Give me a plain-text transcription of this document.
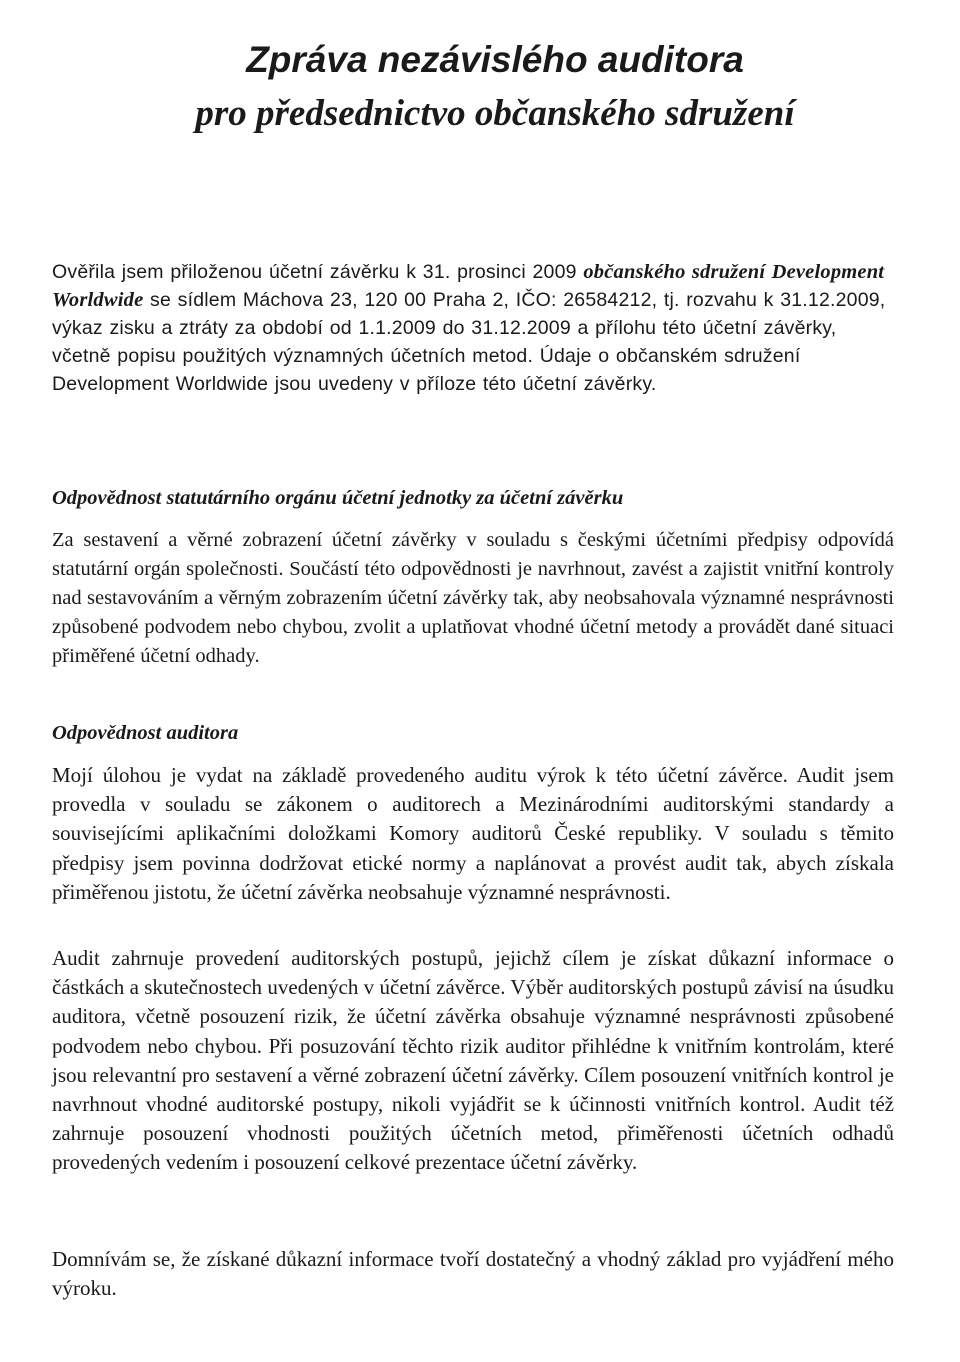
Zpráva nezávislého auditora
pro předsednictvo občanského sdružení

Ověřila jsem přiloženou účetní závěrku k 31. prosinci 2009 občanského sdružení Development Worldwide se sídlem Máchova 23, 120 00 Praha 2, IČO: 26584212, tj. rozvahu k 31.12.2009, výkaz zisku a ztráty za období od 1.1.2009 do 31.12.2009 a přílohu této účetní závěrky, včetně popisu použitých významných účetních metod. Údaje o občanském sdružení Development Worldwide jsou uvedeny v příloze této účetní závěrky.

Odpovědnost statutárního orgánu účetní jednotky za účetní závěrku

Za sestavení a věrné zobrazení účetní závěrky v souladu s českými účetními předpisy odpovídá statutární orgán společnosti. Součástí této odpovědnosti je navrhnout, zavést a zajistit vnitřní kontroly nad sestavováním a věrným zobrazením účetní závěrky tak, aby neobsahovala významné nesprávnosti způsobené podvodem nebo chybou, zvolit a uplatňovat vhodné účetní metody a provádět dané situaci přiměřené účetní odhady.

Odpovědnost auditora

Mojí úlohou je vydat na základě provedeného auditu výrok k této účetní závěrce. Audit jsem provedla v souladu se zákonem o auditorech a Mezinárodními auditorskými standardy a souvisejícími aplikačními doložkami Komory auditorů České republiky. V souladu s těmito předpisy jsem povinna dodržovat etické normy a naplánovat a provést audit tak, abych získala přiměřenou jistotu, že účetní závěrka neobsahuje významné nesprávnosti.

Audit zahrnuje provedení auditorských postupů, jejichž cílem je získat důkazní informace o částkách a skutečnostech uvedených v účetní závěrce. Výběr auditorských postupů závisí na úsudku auditora, včetně posouzení rizik, že účetní závěrka obsahuje významné nesprávnosti způsobené podvodem nebo chybou. Při posuzování těchto rizik auditor přihlédne k vnitřním kontrolám, které jsou relevantní pro sestavení a věrné zobrazení účetní závěrky. Cílem posouzení vnitřních kontrol je navrhnout vhodné auditorské postupy, nikoli vyjádřit se k účinnosti vnitřních kontrol. Audit též zahrnuje posouzení vhodnosti použitých účetních metod, přiměřenosti účetních odhadů provedených vedením i posouzení celkové prezentace účetní závěrky.

Domnívám se, že získané důkazní informace tvoří dostatečný a vhodný základ pro vyjádření mého výroku.
